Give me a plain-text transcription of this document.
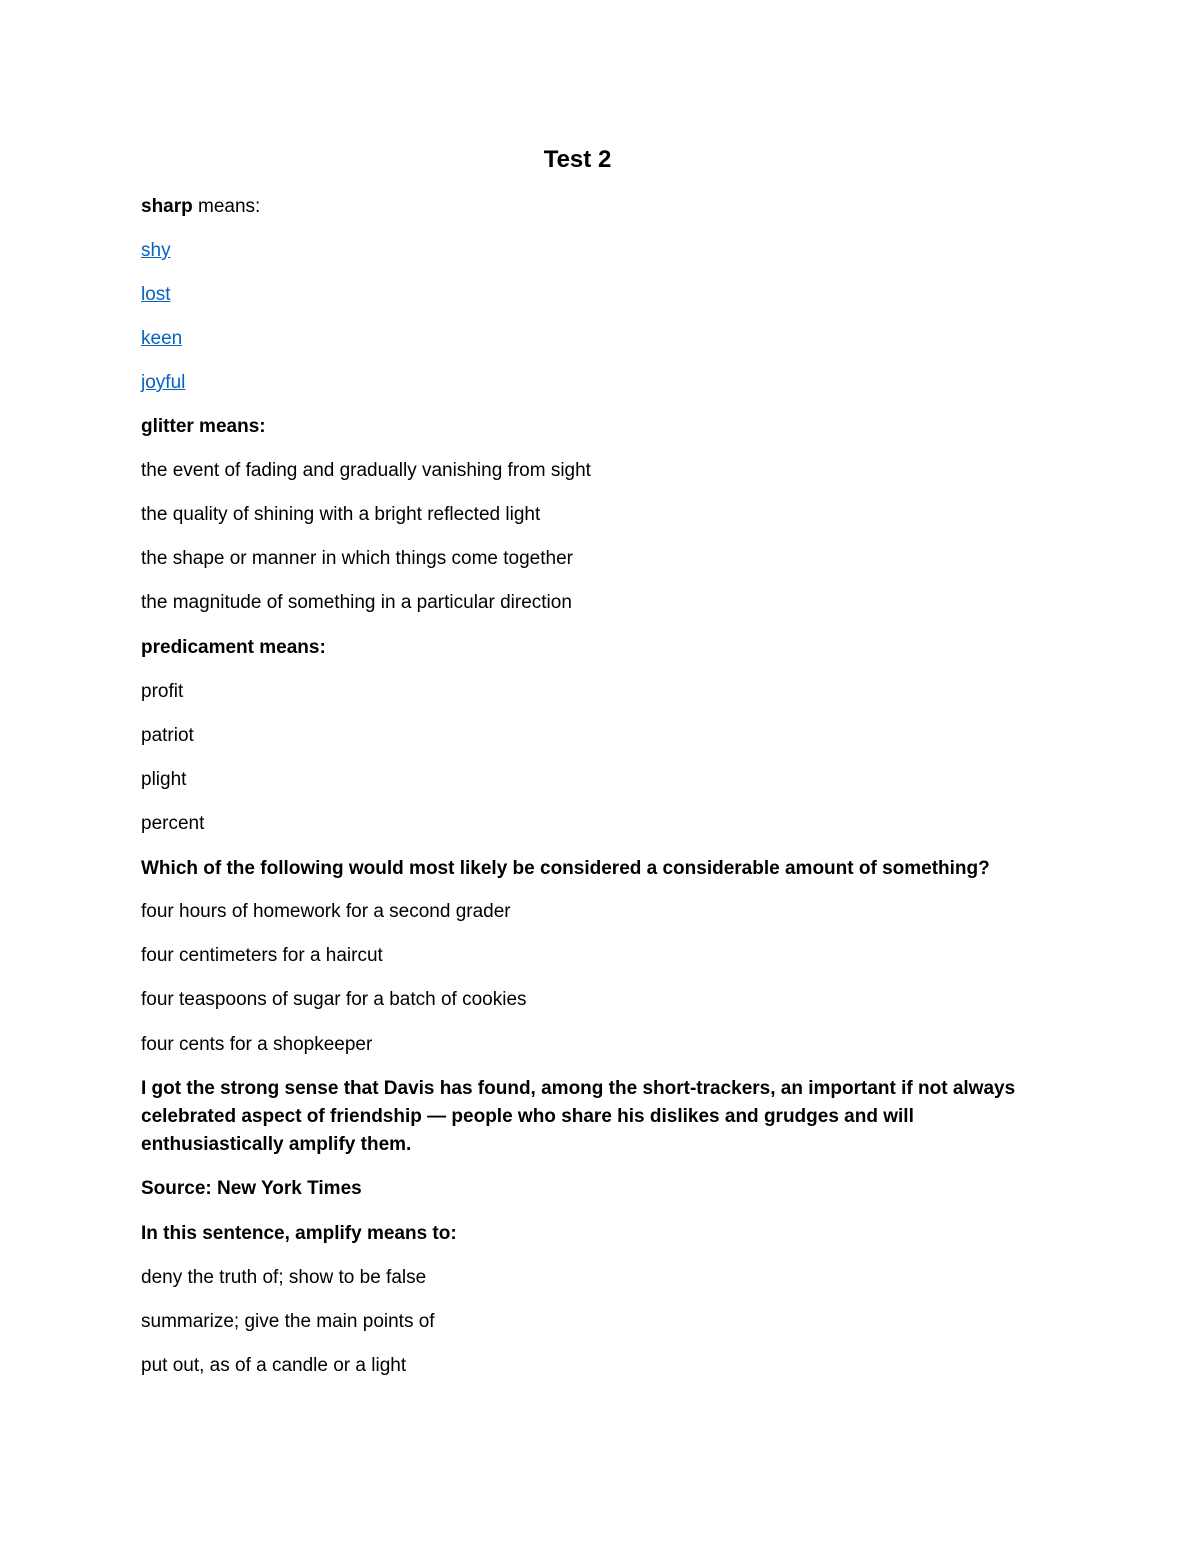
Test 2
sharp means:
shy
lost
keen
joyful
glitter means:
the event of fading and gradually vanishing from sight
the quality of shining with a bright reflected light
the shape or manner in which things come together
the magnitude of something in a particular direction
predicament means:
profit
patriot
plight
percent
Which of the following would most likely be considered a considerable amount of something?
four hours of homework for a second grader
four centimeters for a haircut
four teaspoons of sugar for a batch of cookies
four cents for a shopkeeper
I got the strong sense that Davis has found, among the short-trackers, an important if not always celebrated aspect of friendship — people who share his dislikes and grudges and will enthusiastically amplify them.
Source: New York Times
In this sentence, amplify means to:
deny the truth of; show to be false
summarize; give the main points of
put out, as of a candle or a light
